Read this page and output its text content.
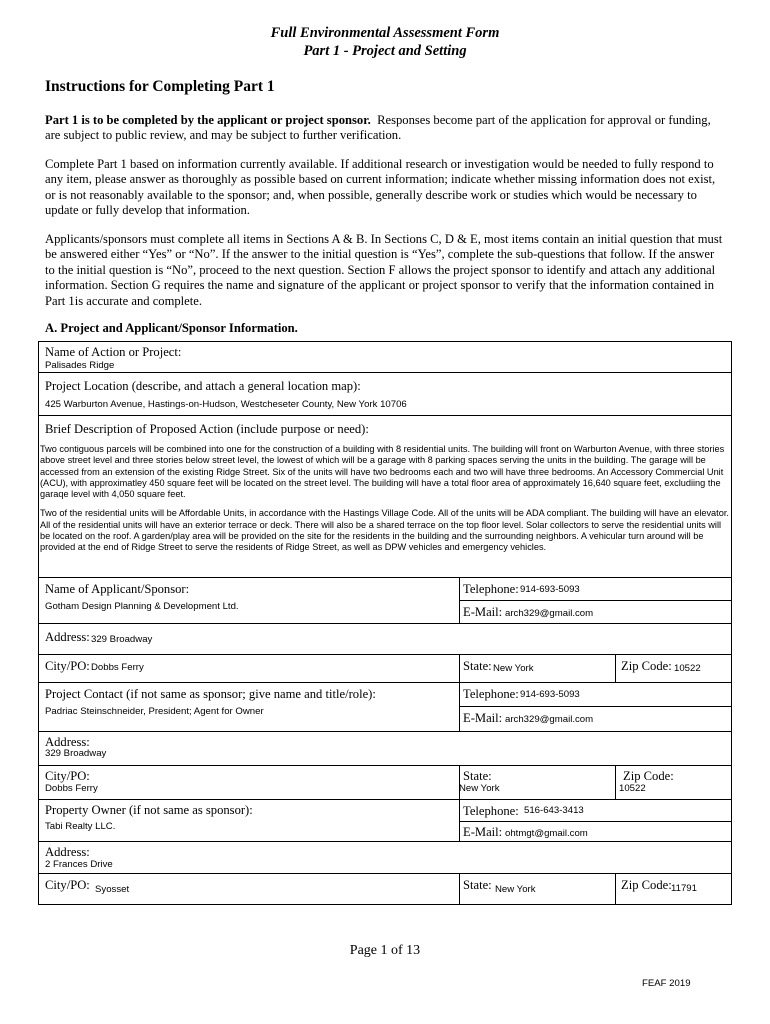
Full Environmental Assessment Form
Part 1 - Project and Setting
Instructions for Completing Part 1
Part 1 is to be completed by the applicant or project sponsor. Responses become part of the application for approval or funding, are subject to public review, and may be subject to further verification.
Complete Part 1 based on information currently available. If additional research or investigation would be needed to fully respond to any item, please answer as thoroughly as possible based on current information; indicate whether missing information does not exist, or is not reasonably available to the sponsor; and, when possible, generally describe work or studies which would be necessary to update or fully develop that information.
Applicants/sponsors must complete all items in Sections A & B. In Sections C, D & E, most items contain an initial question that must be answered either “Yes” or “No”. If the answer to the initial question is “Yes”, complete the sub-questions that follow. If the answer to the initial question is “No”, proceed to the next question. Section F allows the project sponsor to identify and attach any additional information. Section G requires the name and signature of the applicant or project sponsor to verify that the information contained in Part 1is accurate and complete.
A. Project and Applicant/Sponsor Information.
Name of Action or Project:
Palisades Ridge
Project Location (describe, and attach a general location map):
425 Warburton Avenue, Hastings-on-Hudson, Westcheseter County, New York 10706
Brief Description of Proposed Action (include purpose or need):
Two contiguous parcels will be combined into one for the construction of a building with 8 residential units. The building will front on Warburton Avenue, with three stories above street level and three stories below street level, the lowest of which will be a garage with 8 parking spaces serving the units in the building. The garage will be accessed from an extension of the existing Ridge Street. Six of the units will have two bedrooms each and two will have three bedrooms. An Accessory Commercial Unit (ACU), with approximatley 450 square feet will be located on the street level. The building will have a total floor area of approximately 16,640 square feet, excludiing the garaqe level with 4,050 square feet.
Two of the residential units will be Affordable Units, in accordance with the Hastings Village Code. All of the units will be ADA compliant. The building will have an elevator. All of the residential units will have an exterior terrace or deck. There will also be a shared terrace on the top floor level. Solar collectors to serve the residential units will be located on the roof. A garden/play area will be provided on the site for the residents in the building and the surrounding neighbors. A vehicular turn around will be provided at the end of Ridge Street to serve the residents of Ridge Street, as well as DPW vehicles and emergency vehicles.
Name of Applicant/Sponsor:
Gotham Design Planning & Development Ltd.
Telephone: 914-693-5093
E-Mail: arch329@gmail.com
Address: 329 Broadway
City/PO: Dobbs Ferry	State: New York	Zip Code: 10522
Project Contact (if not same as sponsor; give name and title/role):
Padriac Steinschneider, President; Agent for Owner
Telephone: 914-693-5093
E-Mail: arch329@gmail.com
Address:
329 Broadway
City/PO:
Dobbs Ferry
State:
New York
Zip Code:
10522
Property Owner (if not same as sponsor):
Tabi Realty LLC.
Telephone: 516-643-3413
E-Mail: ohtmgt@gmail.com
Address:
2 Frances Drive
City/PO: Syosset	State: New York	Zip Code: 11791
Page 1 of 13
FEAF 2019
